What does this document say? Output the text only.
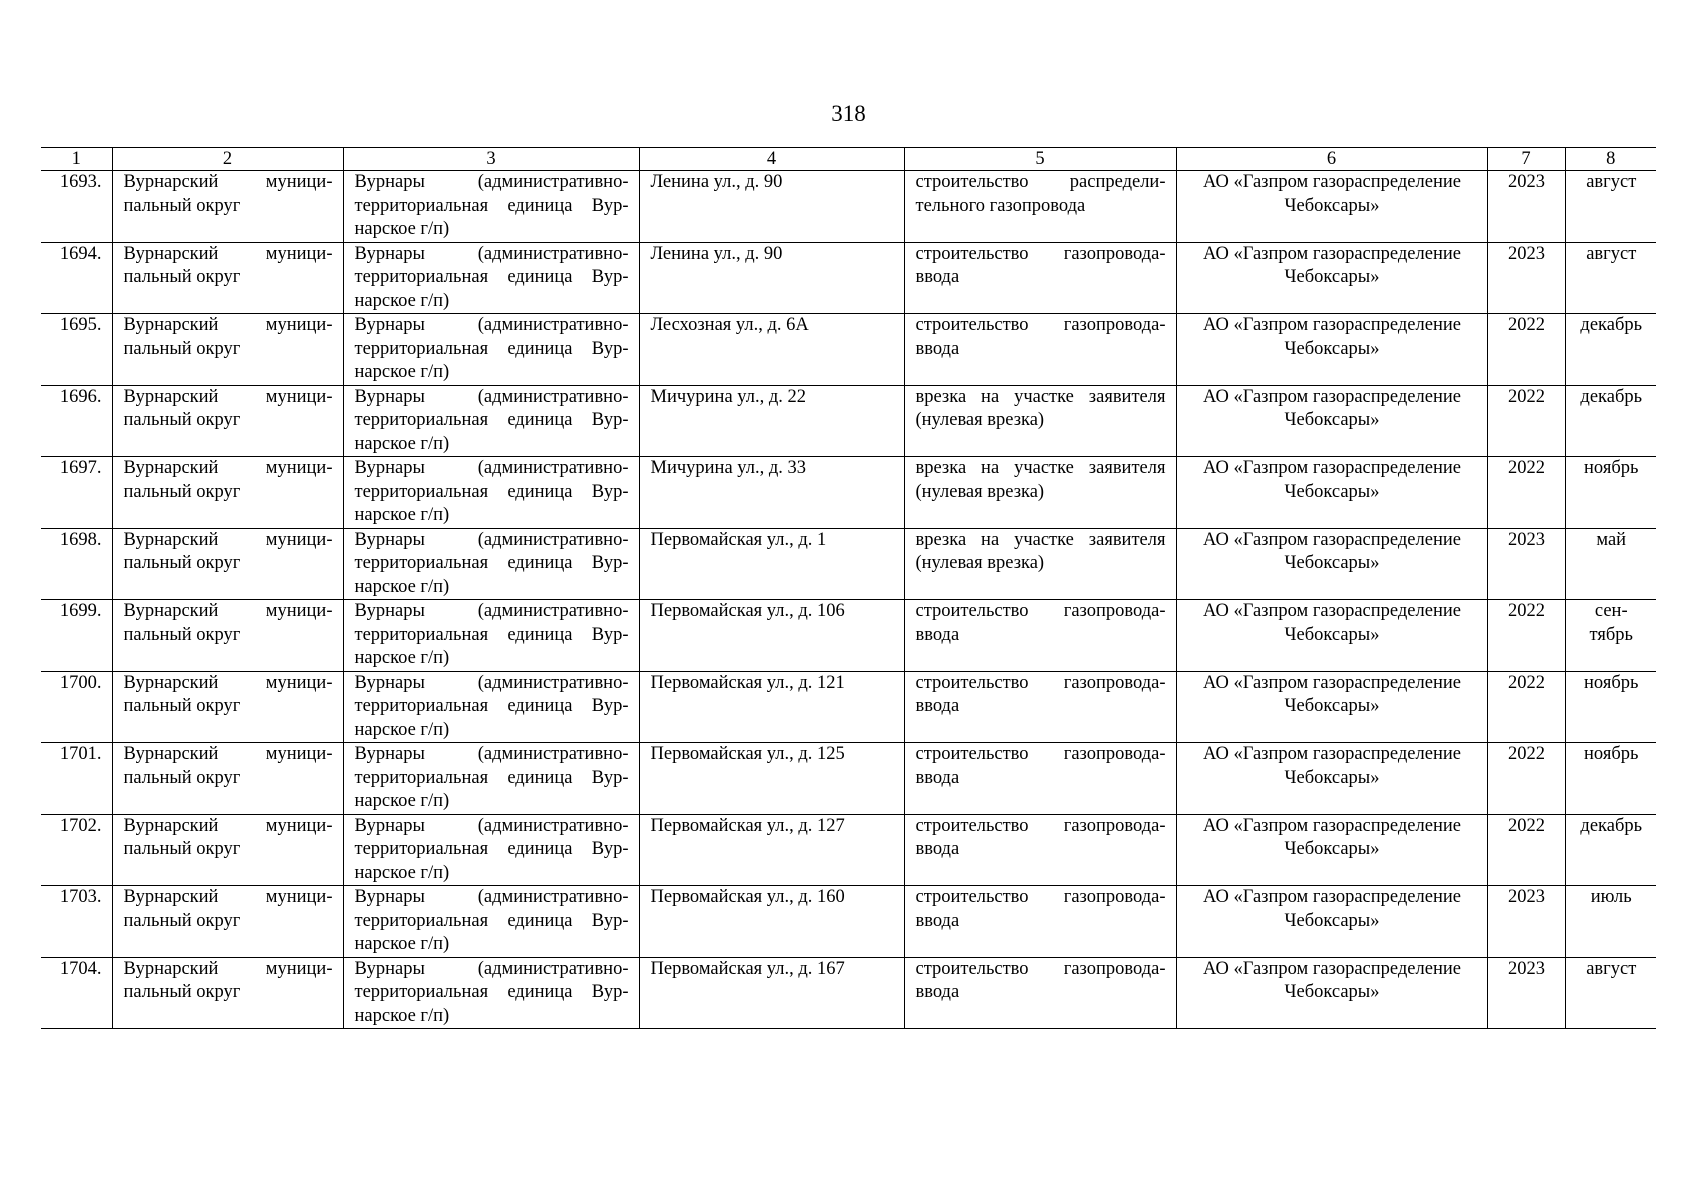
318
1	2	3	4	5	6	7	8
1693.	Вурнарский муници-пальный округ	Вурнары (административно-территориальная единица Вур-нарское г/п)	Ленина ул., д. 90	строительство распредели-тельного газопровода	АО «Газпром газораспределение Чебоксары»	2023	август
1694.	Вурнарский муници-пальный округ	Вурнары (административно-территориальная единица Вур-нарское г/п)	Ленина ул., д. 90	строительство газопровода-ввода	АО «Газпром газораспределение Чебоксары»	2023	август
1695.	Вурнарский муници-пальный округ	Вурнары (административно-территориальная единица Вур-нарское г/п)	Лесхозная ул., д. 6А	строительство газопровода-ввода	АО «Газпром газораспределение Чебоксары»	2022	декабрь
1696.	Вурнарский муници-пальный округ	Вурнары (административно-территориальная единица Вур-нарское г/п)	Мичурина ул., д. 22	врезка на участке заявителя (нулевая врезка)	АО «Газпром газораспределение Чебоксары»	2022	декабрь
1697.	Вурнарский муници-пальный округ	Вурнары (административно-территориальная единица Вур-нарское г/п)	Мичурина ул., д. 33	врезка на участке заявителя (нулевая врезка)	АО «Газпром газораспределение Чебоксары»	2022	ноябрь
1698.	Вурнарский муници-пальный округ	Вурнары (административно-территориальная единица Вур-нарское г/п)	Первомайская ул., д. 1	врезка на участке заявителя (нулевая врезка)	АО «Газпром газораспределение Чебоксары»	2023	май
1699.	Вурнарский муници-пальный округ	Вурнары (административно-территориальная единица Вур-нарское г/п)	Первомайская ул., д. 106	строительство газопровода-ввода	АО «Газпром газораспределение Чебоксары»	2022	сен-тябрь
1700.	Вурнарский муници-пальный округ	Вурнары (административно-территориальная единица Вур-нарское г/п)	Первомайская ул., д. 121	строительство газопровода-ввода	АО «Газпром газораспределение Чебоксары»	2022	ноябрь
1701.	Вурнарский муници-пальный округ	Вурнары (административно-территориальная единица Вур-нарское г/п)	Первомайская ул., д. 125	строительство газопровода-ввода	АО «Газпром газораспределение Чебоксары»	2022	ноябрь
1702.	Вурнарский муници-пальный округ	Вурнары (административно-территориальная единица Вур-нарское г/п)	Первомайская ул., д. 127	строительство газопровода-ввода	АО «Газпром газораспределение Чебоксары»	2022	декабрь
1703.	Вурнарский муници-пальный округ	Вурнары (административно-территориальная единица Вур-нарское г/п)	Первомайская ул., д. 160	строительство газопровода-ввода	АО «Газпром газораспределение Чебоксары»	2023	июль
1704.	Вурнарский муници-пальный округ	Вурнары (административно-территориальная единица Вур-нарское г/п)	Первомайская ул., д. 167	строительство газопровода-ввода	АО «Газпром газораспределение Чебоксары»	2023	август
